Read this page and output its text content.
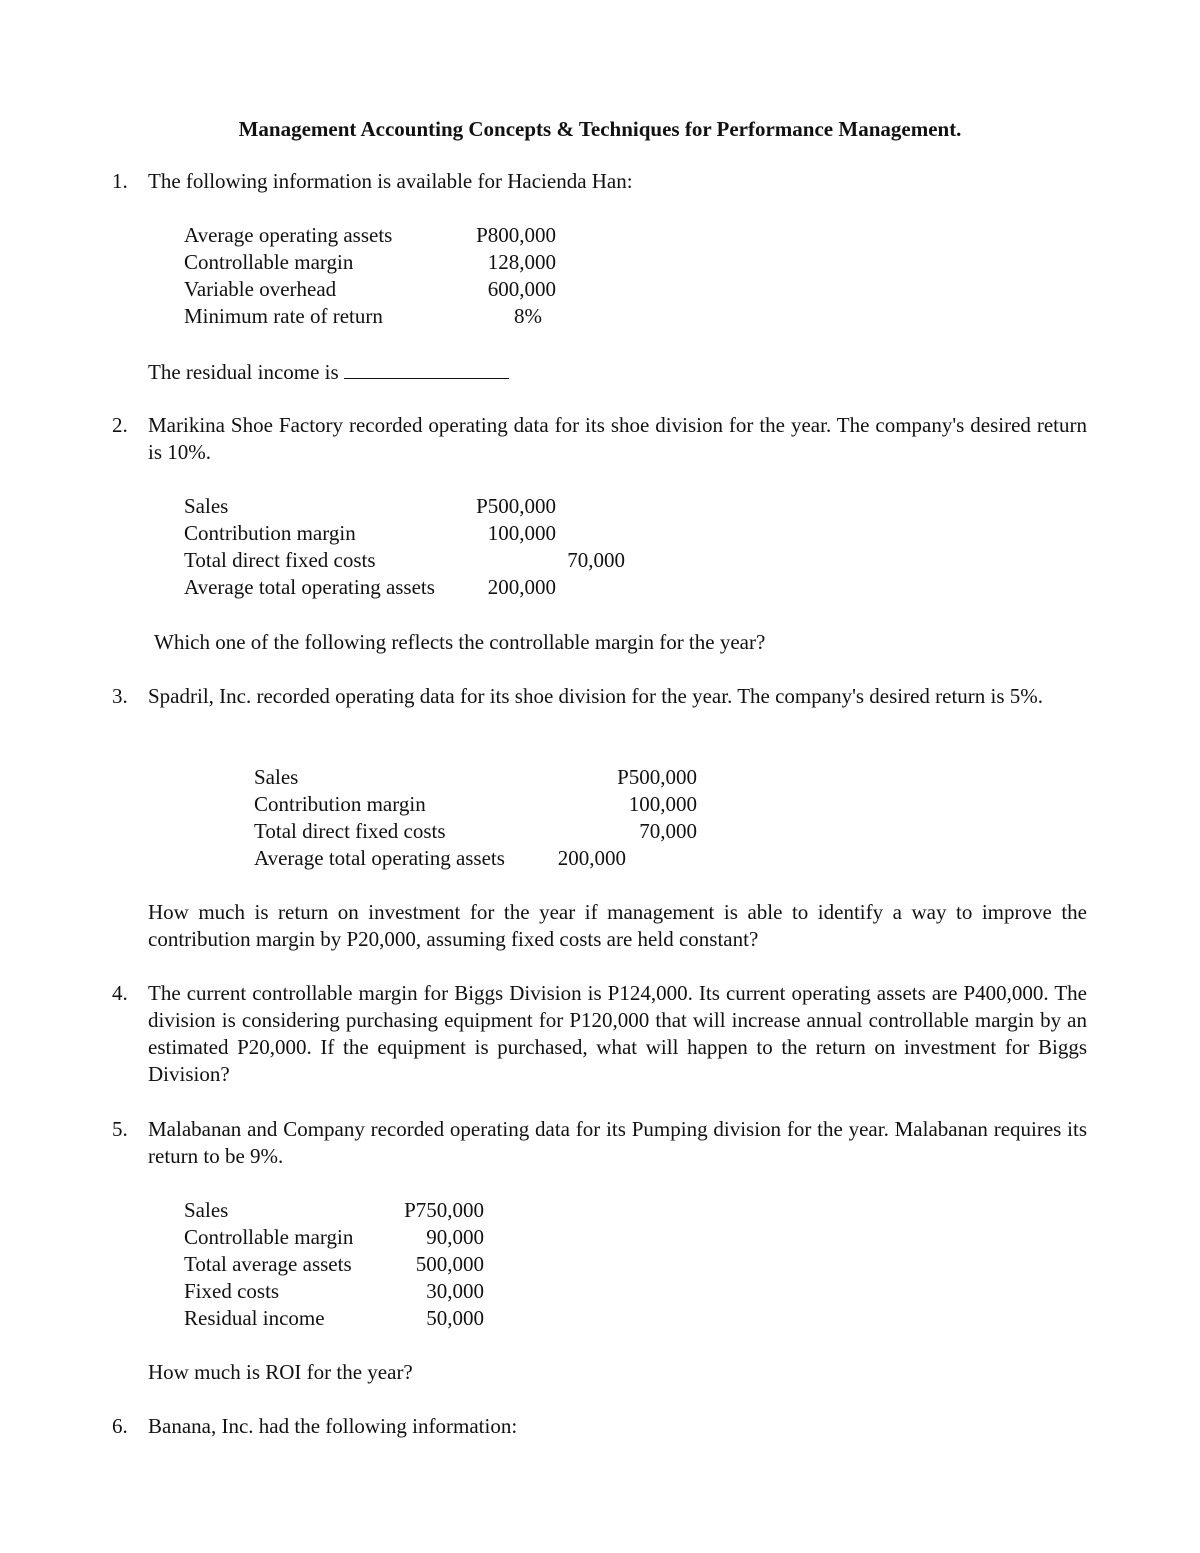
Management Accounting Concepts & Techniques for Performance Management.
1. The following information is available for Hacienda Han:
Average operating assets	P800,000
Controllable margin	128,000
Variable overhead	600,000
Minimum rate of return	8%
The residual income is
2. Marikina Shoe Factory recorded operating data for its shoe division for the year. The company's desired return is 10%.
Sales	P500,000
Contribution margin	100,000
Total direct fixed costs	70,000
Average total operating assets	200,000
Which one of the following reflects the controllable margin for the year?
3. Spadril, Inc. recorded operating data for its shoe division for the year. The company's desired return is 5%.
Sales	P500,000
Contribution margin	100,000
Total direct fixed costs	70,000
Average total operating assets	200,000
How much is return on investment for the year if management is able to identify a way to improve the contribution margin by P20,000, assuming fixed costs are held constant?
4. The current controllable margin for Biggs Division is P124,000. Its current operating assets are P400,000. The division is considering purchasing equipment for P120,000 that will increase annual controllable margin by an estimated P20,000. If the equipment is purchased, what will happen to the return on investment for Biggs Division?
5. Malabanan and Company recorded operating data for its Pumping division for the year. Malabanan requires its return to be 9%.
Sales	P750,000
Controllable margin	90,000
Total average assets	500,000
Fixed costs	30,000
Residual income	50,000
How much is ROI for the year?
6. Banana, Inc. had the following information:
